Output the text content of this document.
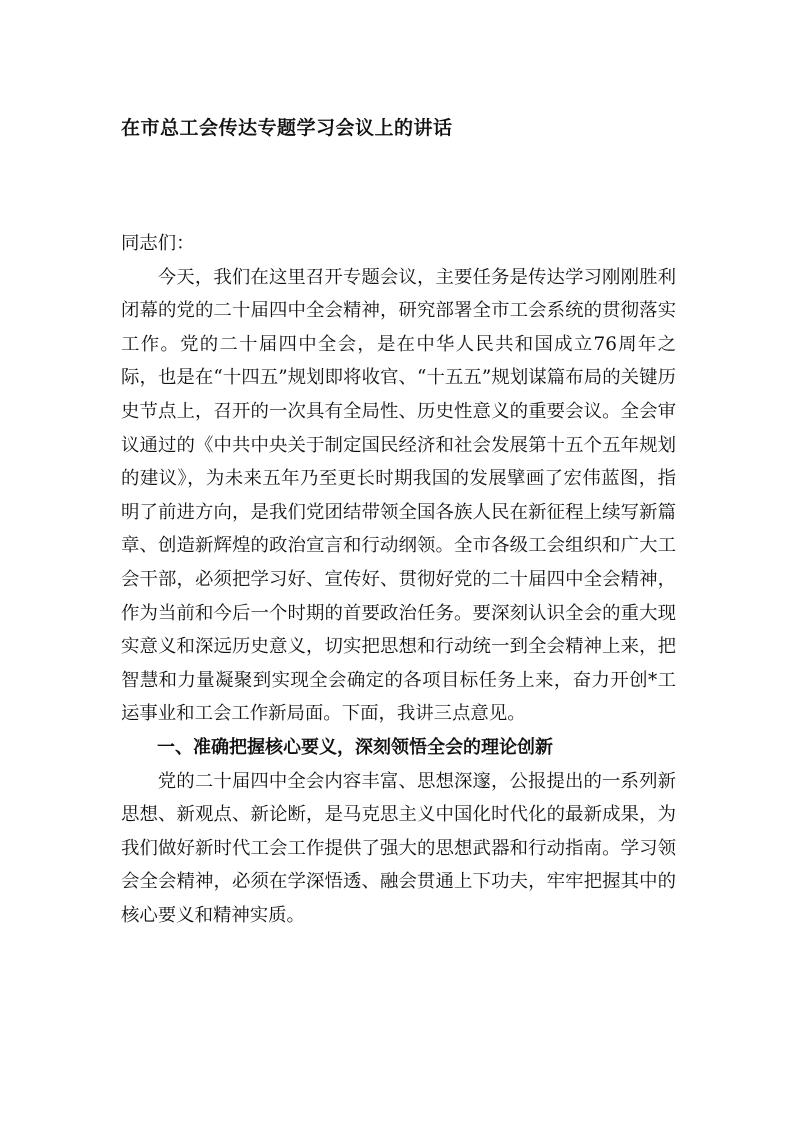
在市总工会传达专题学习会议上的讲话

同志们：

今天，我们在这里召开专题会议，主要任务是传达学习刚刚胜利闭幕的党的二十届四中全会精神，研究部署全市工会系统的贯彻落实工作。党的二十届四中全会，是在中华人民共和国成立76周年之际，也是在“十四五”规划即将收官、“十五五”规划谋篇布局的关键历史节点上，召开的一次具有全局性、历史性意义的重要会议。全会审议通过的《中共中央关于制定国民经济和社会发展第十五个五年规划的建议》，为未来五年乃至更长时期我国的发展擘画了宏伟蓝图，指明了前进方向，是我们党团结带领全国各族人民在新征程上续写新篇章、创造新辉煌的政治宣言和行动纲领。全市各级工会组织和广大工会干部，必须把学习好、宣传好、贯彻好党的二十届四中全会精神，作为当前和今后一个时期的首要政治任务。要深刻认识全会的重大现实意义和深远历史意义，切实把思想和行动统一到全会精神上来，把智慧和力量凝聚到实现全会确定的各项目标任务上来，奋力开创*工运事业和工会工作新局面。下面，我讲三点意见。

一、准确把握核心要义，深刻领悟全会的理论创新

党的二十届四中全会内容丰富、思想深邃，公报提出的一系列新思想、新观点、新论断，是马克思主义中国化时代化的最新成果，为我们做好新时代工会工作提供了强大的思想武器和行动指南。学习领会全会精神，必须在学深悟透、融会贯通上下功夫，牢牢把握其中的核心要义和精神实质。
